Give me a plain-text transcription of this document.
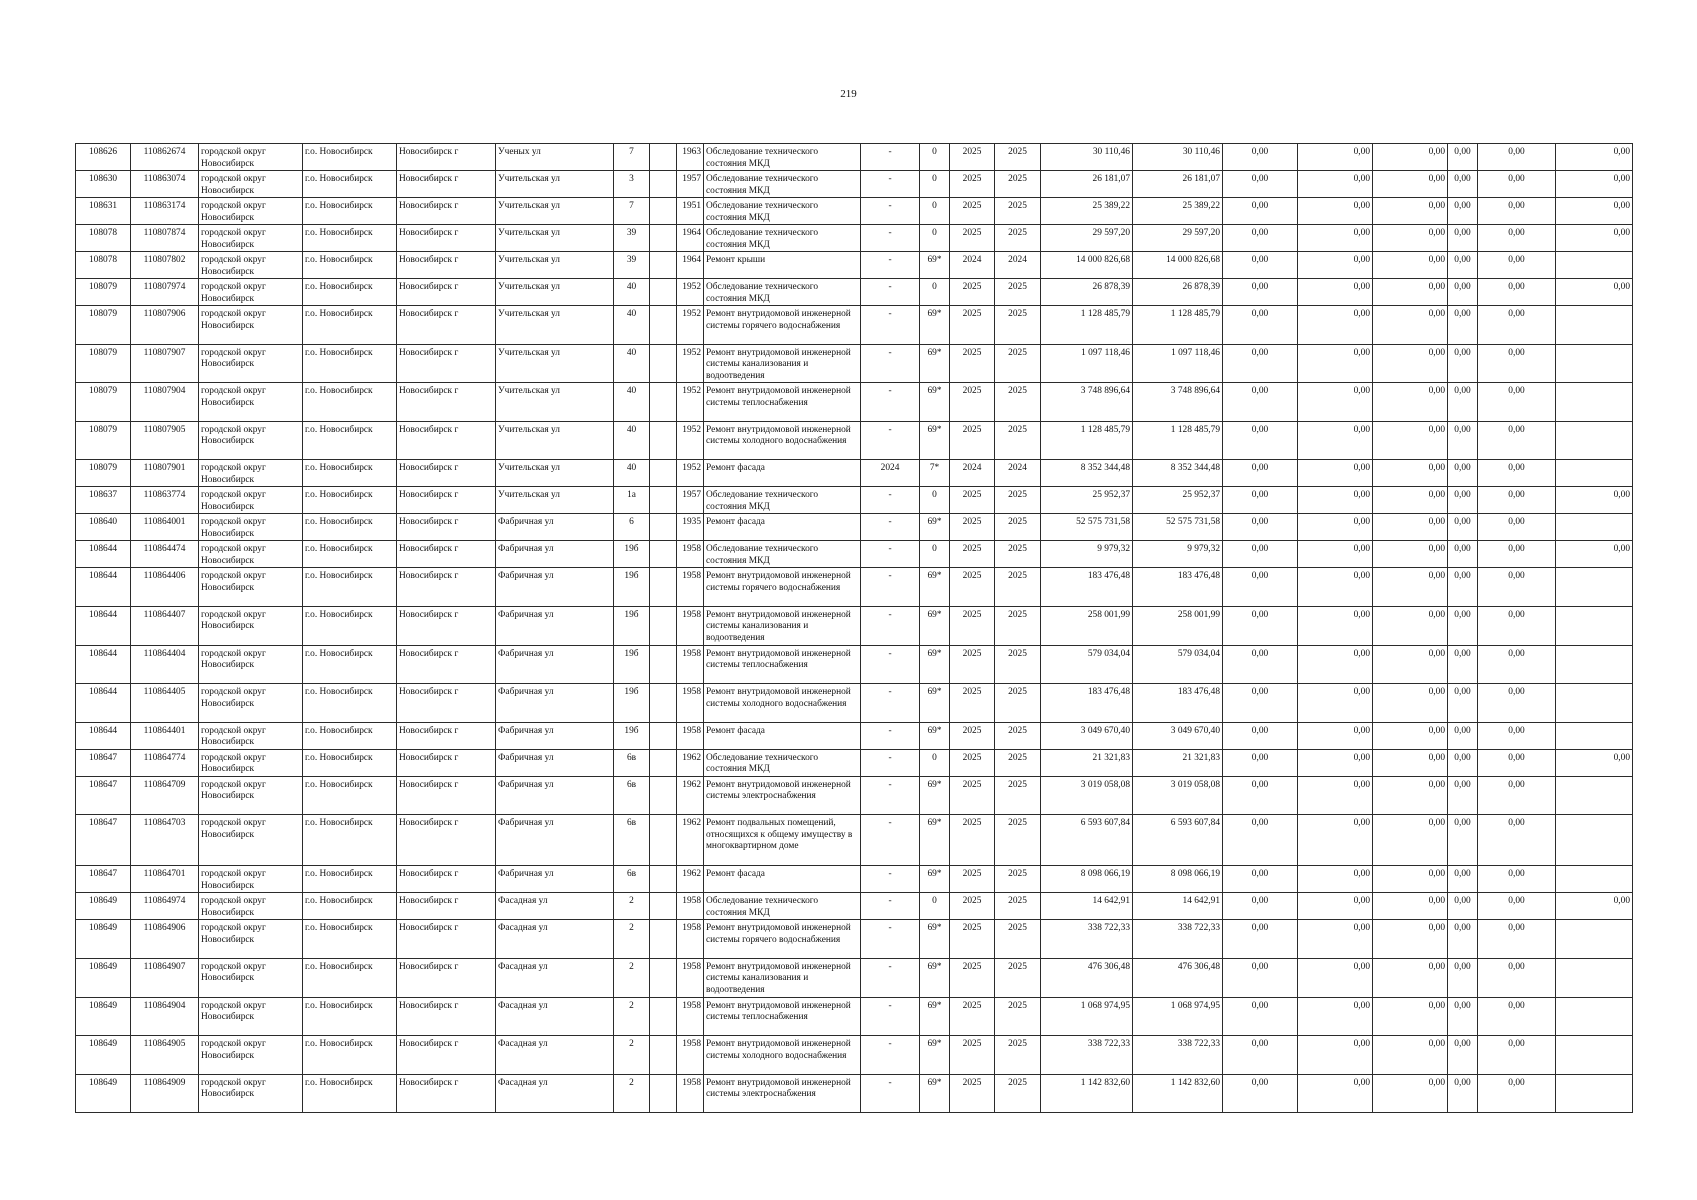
219
108626	110862674	городской округ Новосибирск	г.о. Новосибирск	Новосибирск г	Ученых ул	7		1963	Обследование технического состояния МКД	-	0	2025	2025	30 110,46	30 110,46	0,00	0,00	0,00	0,00	0,00	0,00
108630	110863074	городской округ Новосибирск	г.о. Новосибирск	Новосибирск г	Учительская ул	3		1957	Обследование технического состояния МКД	-	0	2025	2025	26 181,07	26 181,07	0,00	0,00	0,00	0,00	0,00	0,00
108631	110863174	городской округ Новосибирск	г.о. Новосибирск	Новосибирск г	Учительская ул	7		1951	Обследование технического состояния МКД	-	0	2025	2025	25 389,22	25 389,22	0,00	0,00	0,00	0,00	0,00	0,00
108078	110807874	городской округ Новосибирск	г.о. Новосибирск	Новосибирск г	Учительская ул	39		1964	Обследование технического состояния МКД	-	0	2025	2025	29 597,20	29 597,20	0,00	0,00	0,00	0,00	0,00	0,00
108078	110807802	городской округ Новосибирск	г.о. Новосибирск	Новосибирск г	Учительская ул	39		1964	Ремонт крыши	-	69*	2024	2024	14 000 826,68	14 000 826,68	0,00	0,00	0,00	0,00	0,00	
108079	110807974	городской округ Новосибирск	г.о. Новосибирск	Новосибирск г	Учительская ул	40		1952	Обследование технического состояния МКД	-	0	2025	2025	26 878,39	26 878,39	0,00	0,00	0,00	0,00	0,00	0,00
108079	110807906	городской округ Новосибирск	г.о. Новосибирск	Новосибирск г	Учительская ул	40		1952	Ремонт внутридомовой инженерной системы горячего водоснабжения	-	69*	2025	2025	1 128 485,79	1 128 485,79	0,00	0,00	0,00	0,00	0,00	
108079	110807907	городской округ Новосибирск	г.о. Новосибирск	Новосибирск г	Учительская ул	40		1952	Ремонт внутридомовой инженерной системы канализования и водоотведения	-	69*	2025	2025	1 097 118,46	1 097 118,46	0,00	0,00	0,00	0,00	0,00	
108079	110807904	городской округ Новосибирск	г.о. Новосибирск	Новосибирск г	Учительская ул	40		1952	Ремонт внутридомовой инженерной системы теплоснабжения	-	69*	2025	2025	3 748 896,64	3 748 896,64	0,00	0,00	0,00	0,00	0,00	
108079	110807905	городской округ Новосибирск	г.о. Новосибирск	Новосибирск г	Учительская ул	40		1952	Ремонт внутридомовой инженерной системы холодного водоснабжения	-	69*	2025	2025	1 128 485,79	1 128 485,79	0,00	0,00	0,00	0,00	0,00	
108079	110807901	городской округ Новосибирск	г.о. Новосибирск	Новосибирск г	Учительская ул	40		1952	Ремонт фасада	2024	7*	2024	2024	8 352 344,48	8 352 344,48	0,00	0,00	0,00	0,00	0,00	
108637	110863774	городской округ Новосибирск	г.о. Новосибирск	Новосибирск г	Учительская ул	1а		1957	Обследование технического состояния МКД	-	0	2025	2025	25 952,37	25 952,37	0,00	0,00	0,00	0,00	0,00	0,00
108640	110864001	городской округ Новосибирск	г.о. Новосибирск	Новосибирск г	Фабричная ул	6		1935	Ремонт фасада	-	69*	2025	2025	52 575 731,58	52 575 731,58	0,00	0,00	0,00	0,00	0,00	
108644	110864474	городской округ Новосибирск	г.о. Новосибирск	Новосибирск г	Фабричная ул	19б		1958	Обследование технического состояния МКД	-	0	2025	2025	9 979,32	9 979,32	0,00	0,00	0,00	0,00	0,00	0,00
108644	110864406	городской округ Новосибирск	г.о. Новосибирск	Новосибирск г	Фабричная ул	19б		1958	Ремонт внутридомовой инженерной системы горячего водоснабжения	-	69*	2025	2025	183 476,48	183 476,48	0,00	0,00	0,00	0,00	0,00	
108644	110864407	городской округ Новосибирск	г.о. Новосибирск	Новосибирск г	Фабричная ул	19б		1958	Ремонт внутридомовой инженерной системы канализования и водоотведения	-	69*	2025	2025	258 001,99	258 001,99	0,00	0,00	0,00	0,00	0,00	
108644	110864404	городской округ Новосибирск	г.о. Новосибирск	Новосибирск г	Фабричная ул	19б		1958	Ремонт внутридомовой инженерной системы теплоснабжения	-	69*	2025	2025	579 034,04	579 034,04	0,00	0,00	0,00	0,00	0,00	
108644	110864405	городской округ Новосибирск	г.о. Новосибирск	Новосибирск г	Фабричная ул	19б		1958	Ремонт внутридомовой инженерной системы холодного водоснабжения	-	69*	2025	2025	183 476,48	183 476,48	0,00	0,00	0,00	0,00	0,00	
108644	110864401	городской округ Новосибирск	г.о. Новосибирск	Новосибирск г	Фабричная ул	19б		1958	Ремонт фасада	-	69*	2025	2025	3 049 670,40	3 049 670,40	0,00	0,00	0,00	0,00	0,00	
108647	110864774	городской округ Новосибирск	г.о. Новосибирск	Новосибирск г	Фабричная ул	6в		1962	Обследование технического состояния МКД	-	0	2025	2025	21 321,83	21 321,83	0,00	0,00	0,00	0,00	0,00	0,00
108647	110864709	городской округ Новосибирск	г.о. Новосибирск	Новосибирск г	Фабричная ул	6в		1962	Ремонт внутридомовой инженерной системы электроснабжения	-	69*	2025	2025	3 019 058,08	3 019 058,08	0,00	0,00	0,00	0,00	0,00	
108647	110864703	городской округ Новосибирск	г.о. Новосибирск	Новосибирск г	Фабричная ул	6в		1962	Ремонт подвальных помещений, относящихся к общему имуществу в многоквартирном доме	-	69*	2025	2025	6 593 607,84	6 593 607,84	0,00	0,00	0,00	0,00	0,00	
108647	110864701	городской округ Новосибирск	г.о. Новосибирск	Новосибирск г	Фабричная ул	6в		1962	Ремонт фасада	-	69*	2025	2025	8 098 066,19	8 098 066,19	0,00	0,00	0,00	0,00	0,00	
108649	110864974	городской округ Новосибирск	г.о. Новосибирск	Новосибирск г	Фасадная ул	2		1958	Обследование технического состояния МКД	-	0	2025	2025	14 642,91	14 642,91	0,00	0,00	0,00	0,00	0,00	0,00
108649	110864906	городской округ Новосибирск	г.о. Новосибирск	Новосибирск г	Фасадная ул	2		1958	Ремонт внутридомовой инженерной системы горячего водоснабжения	-	69*	2025	2025	338 722,33	338 722,33	0,00	0,00	0,00	0,00	0,00	
108649	110864907	городской округ Новосибирск	г.о. Новосибирск	Новосибирск г	Фасадная ул	2		1958	Ремонт внутридомовой инженерной системы канализования и водоотведения	-	69*	2025	2025	476 306,48	476 306,48	0,00	0,00	0,00	0,00	0,00	
108649	110864904	городской округ Новосибирск	г.о. Новосибирск	Новосибирск г	Фасадная ул	2		1958	Ремонт внутридомовой инженерной системы теплоснабжения	-	69*	2025	2025	1 068 974,95	1 068 974,95	0,00	0,00	0,00	0,00	0,00	
108649	110864905	городской округ Новосибирск	г.о. Новосибирск	Новосибирск г	Фасадная ул	2		1958	Ремонт внутридомовой инженерной системы холодного водоснабжения	-	69*	2025	2025	338 722,33	338 722,33	0,00	0,00	0,00	0,00	0,00	
108649	110864909	городской округ Новосибирск	г.о. Новосибирск	Новосибирск г	Фасадная ул	2		1958	Ремонт внутридомовой инженерной системы электроснабжения	-	69*	2025	2025	1 142 832,60	1 142 832,60	0,00	0,00	0,00	0,00	0,00	
